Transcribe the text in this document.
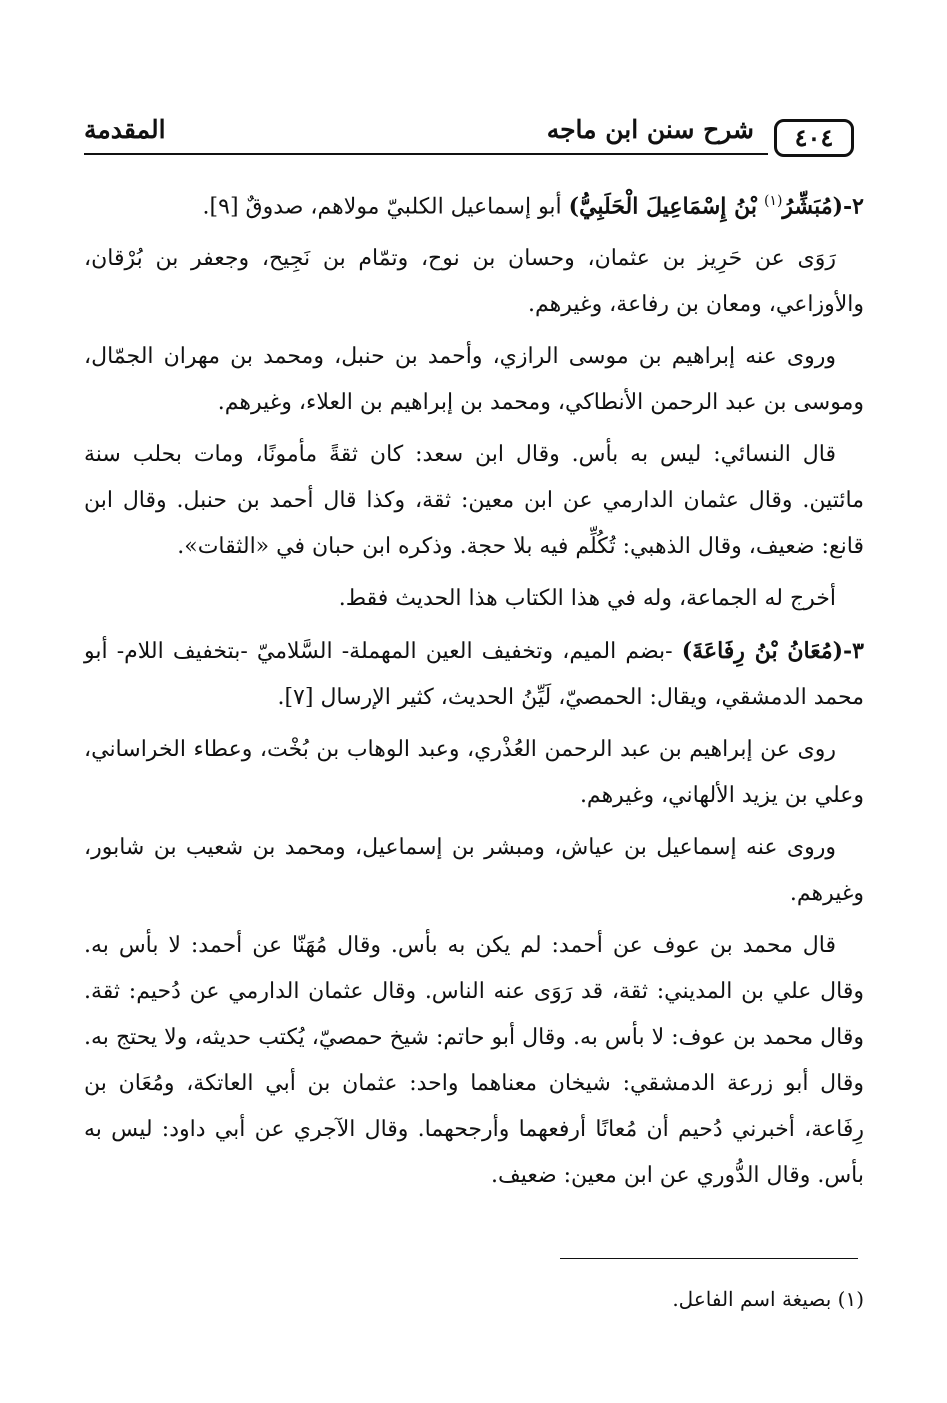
٤٠٤
شرح سنن ابن ماجه
المقدمة

٢-(مُبَشِّرُ$^{(١)}$ بْنُ إِسْمَاعِيلَ الْحَلَبِيُّ) أبو إسماعيل الكلبيّ مولاهم، صدوقٌ [٩].

رَوَى عن حَرِيز بن عثمان، وحسان بن نوح، وتمّام بن نَجِيح، وجعفر بن بُرْقان، والأوزاعي، ومعان بن رفاعة، وغيرهم.

وروى عنه إبراهيم بن موسى الرازي، وأحمد بن حنبل، ومحمد بن مهران الجمّال، وموسى بن عبد الرحمن الأنطاكي، ومحمد بن إبراهيم بن العلاء، وغيرهم.

قال النسائي: ليس به بأس. وقال ابن سعد: كان ثقةً مأمونًا، ومات بحلب سنة مائتين. وقال عثمان الدارمي عن ابن معين: ثقة، وكذا قال أحمد بن حنبل. وقال ابن قانع: ضعيف، وقال الذهبي: تُكُلِّم فيه بلا حجة. وذكره ابن حبان في «الثقات».

أخرج له الجماعة، وله في هذا الكتاب هذا الحديث فقط.

٣-(مُعَانُ بْنُ رِفَاعَةَ) -بضم الميم، وتخفيف العين المهملة- السَّلاميّ -بتخفيف اللام- أبو محمد الدمشقي، ويقال: الحمصيّ، لَيِّنُ الحديث، كثير الإرسال [٧].

روى عن إبراهيم بن عبد الرحمن العُذْري، وعبد الوهاب بن بُخْت، وعطاء الخراساني، وعلي بن يزيد الألهاني، وغيرهم.

وروى عنه إسماعيل بن عياش، ومبشر بن إسماعيل، ومحمد بن شعيب بن شابور، وغيرهم.

قال محمد بن عوف عن أحمد: لم يكن به بأس. وقال مُهَنّا عن أحمد: لا بأس به. وقال علي بن المديني: ثقة، قد رَوَى عنه الناس. وقال عثمان الدارمي عن دُحيم: ثقة. وقال محمد بن عوف: لا بأس به. وقال أبو حاتم: شيخ حمصيّ، يُكتب حديثه، ولا يحتج به. وقال أبو زرعة الدمشقي: شيخان معناهما واحد: عثمان بن أبي العاتكة، ومُعَان بن رِفَاعة، أخبرني دُحيم أن مُعانًا أرفعهما وأرجحهما. وقال الآجري عن أبي داود: ليس به بأس. وقال الدُّوري عن ابن معين: ضعيف.

(١) بصيغة اسم الفاعل.
